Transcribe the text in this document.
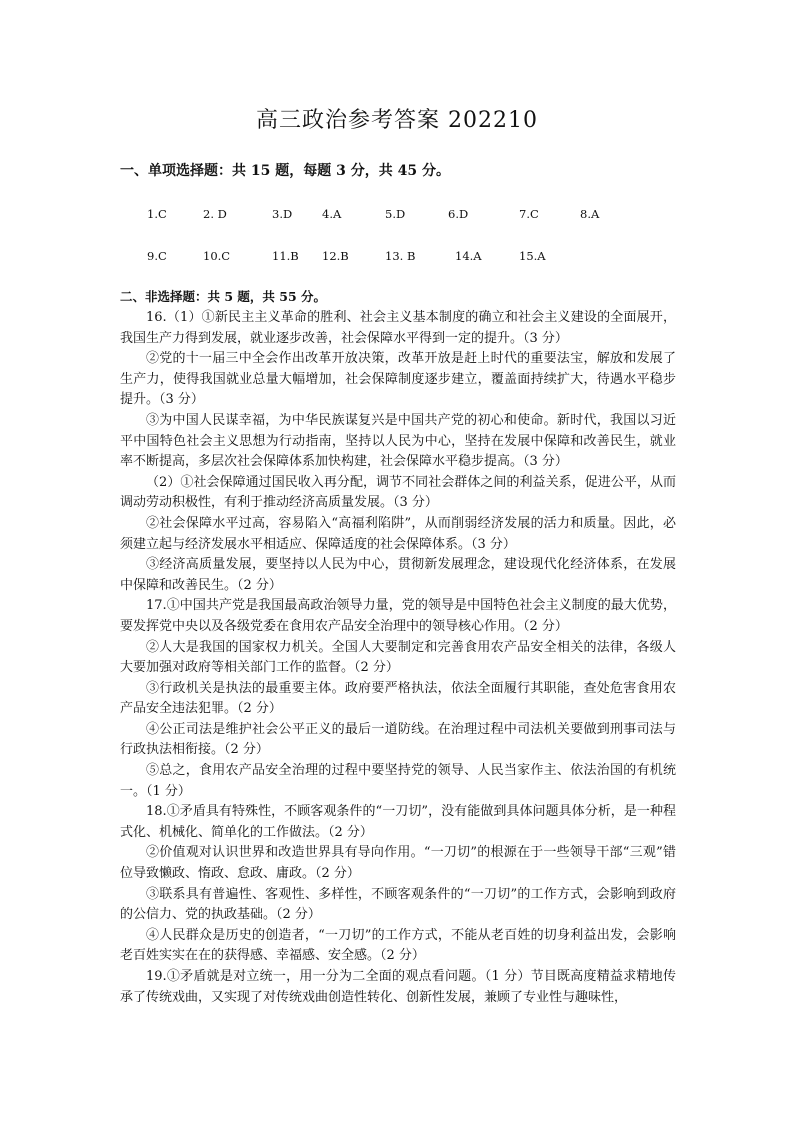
高三政治参考答案 202210
一、单项选择题：共 15 题，每题 3 分，共 45 分。
1.C	2. D	3.D	4.A	5.D	6.D	7.C	8.A
9.C	10.C	11.B 12.B	13. B	14.A	15.A
二、非选择题：共 5 题，共 55 分。

16.（1）①新民主主义革命的胜利、社会主义基本制度的确立和社会主义建设的全面展开，我国生产力得到发展，就业逐步改善，社会保障水平得到一定的提升。（3 分）

②党的十一届三中全会作出改革开放决策，改革开放是赶上时代的重要法宝，解放和发展了生产力，使得我国就业总量大幅增加，社会保障制度逐步建立，覆盖面持续扩大，待遇水平稳步提升。（3 分）

③为中国人民谋幸福，为中华民族谋复兴是中国共产党的初心和使命。新时代，我国以习近平中国特色社会主义思想为行动指南，坚持以人民为中心，坚持在发展中保障和改善民生，就业率不断提高，多层次社会保障体系加快构建，社会保障水平稳步提高。（3 分）

（2）①社会保障通过国民收入再分配，调节不同社会群体之间的利益关系，促进公平，从而调动劳动积极性，有利于推动经济高质量发展。（3 分）

②社会保障水平过高，容易陷入“高福利陷阱”，从而削弱经济发展的活力和质量。因此，必须建立起与经济发展水平相适应、保障适度的社会保障体系。（3 分）

③经济高质量发展，要坚持以人民为中心，贯彻新发展理念，建设现代化经济体系，在发展中保障和改善民生。（2 分）

17.①中国共产党是我国最高政治领导力量，党的领导是中国特色社会主义制度的最大优势，要发挥党中央以及各级党委在食用农产品安全治理中的领导核心作用。（2 分）

②人大是我国的国家权力机关。全国人大要制定和完善食用农产品安全相关的法律，各级人大要加强对政府等相关部门工作的监督。（2 分）

③行政机关是执法的最重要主体。政府要严格执法，依法全面履行其职能，查处危害食用农产品安全违法犯罪。（2 分）

④公正司法是维护社会公平正义的最后一道防线。在治理过程中司法机关要做到刑事司法与行政执法相衔接。（2 分）

⑤总之，食用农产品安全治理的过程中要坚持党的领导、人民当家作主、依法治国的有机统一。（1 分）

18.①矛盾具有特殊性，不顾客观条件的“一刀切”，没有能做到具体问题具体分析，是一种程式化、机械化、简单化的工作做法。（2 分）

②价值观对认识世界和改造世界具有导向作用。“一刀切”的根源在于一些领导干部“三观”错位导致懒政、惰政、怠政、庸政。（2 分）

③联系具有普遍性、客观性、多样性，不顾客观条件的“一刀切”的工作方式，会影响到政府的公信力、党的执政基础。（2 分）

④人民群众是历史的创造者，“一刀切”的工作方式，不能从老百姓的切身利益出发，会影响老百姓实实在在的获得感、幸福感、安全感。（2 分）

19.①矛盾就是对立统一，用一分为二全面的观点看问题。（1 分）节目既高度精益求精地传承了传统戏曲，又实现了对传统戏曲创造性转化、创新性发展，兼顾了专业性与趣味性，
